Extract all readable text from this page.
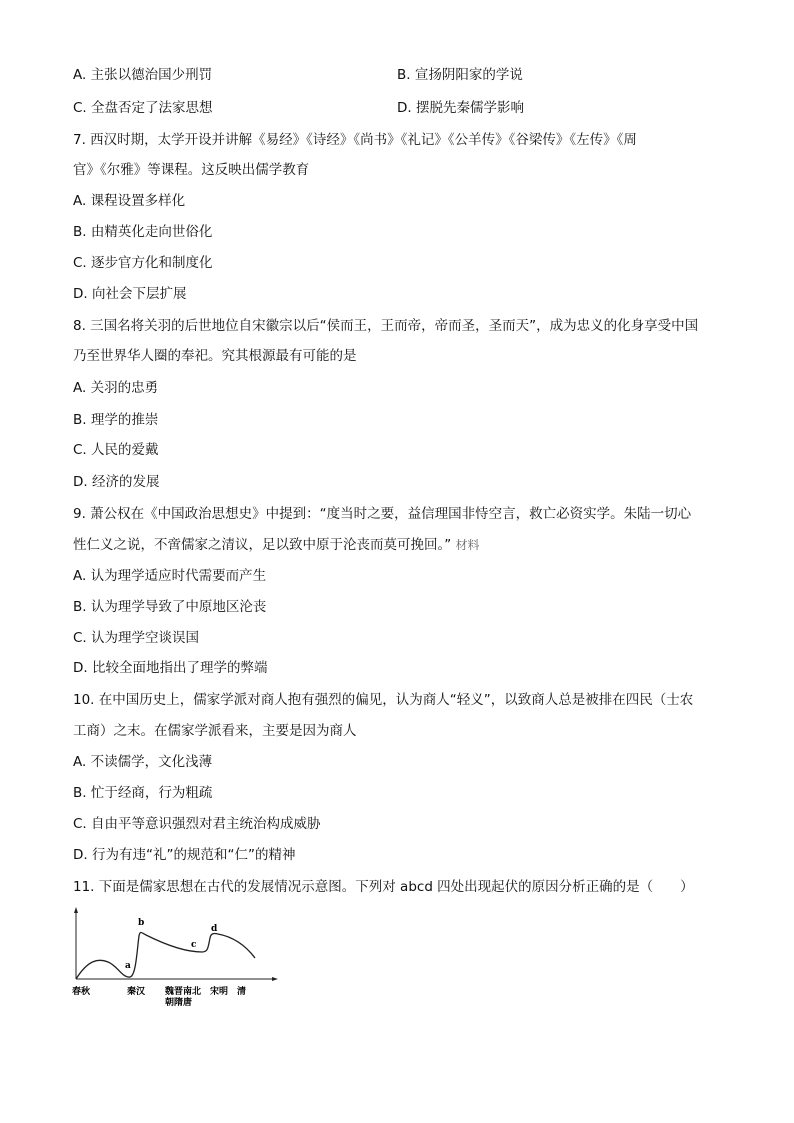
A. 主张以德治国少刑罚	B. 宣扬阴阳家的学说
C. 全盘否定了法家思想	D. 摆脱先秦儒学影响
7. 西汉时期，太学开设并讲解《易经》《诗经》《尚书》《礼记》《公羊传》《谷梁传》《左传》《周
官》《尔雅》等课程。这反映出儒学教育
A. 课程设置多样化
B. 由精英化走向世俗化
C. 逐步官方化和制度化
D. 向社会下层扩展
8. 三国名将关羽的后世地位自宋徽宗以后“侯而王，王而帝，帝而圣，圣而天”，成为忠义的化身享受中国
乃至世界华人圈的奉祀。究其根源最有可能的是
A. 关羽的忠勇
B. 理学的推崇
C. 人民的爱戴
D. 经济的发展
9. 萧公权在《中国政治思想史》中提到：“度当时之要，益信理国非恃空言，救亡必资实学。朱陆一切心
性仁义之说，不啻儒家之清议，足以致中原于沦丧而莫可挽回。” 材料
A. 认为理学适应时代需要而产生
B. 认为理学导致了中原地区沦丧
C. 认为理学空谈误国
D. 比较全面地指出了理学的弊端
10. 在中国历史上，儒家学派对商人抱有强烈的偏见，认为商人“轻义”，以致商人总是被排在四民（士农
工商）之末。在儒家学派看来，主要是因为商人
A. 不读儒学，文化浅薄
B. 忙于经商，行为粗疏
C. 自由平等意识强烈对君主统治构成威胁
D. 行为有违“礼”的规范和“仁”的精神
11. 下面是儒家思想在古代的发展情况示意图。下列对 abcd 四处出现起伏的原因分析正确的是（　　）
a
b
c
d
春秋	秦汉 魏晋南北
朝隋唐
宋明 清
